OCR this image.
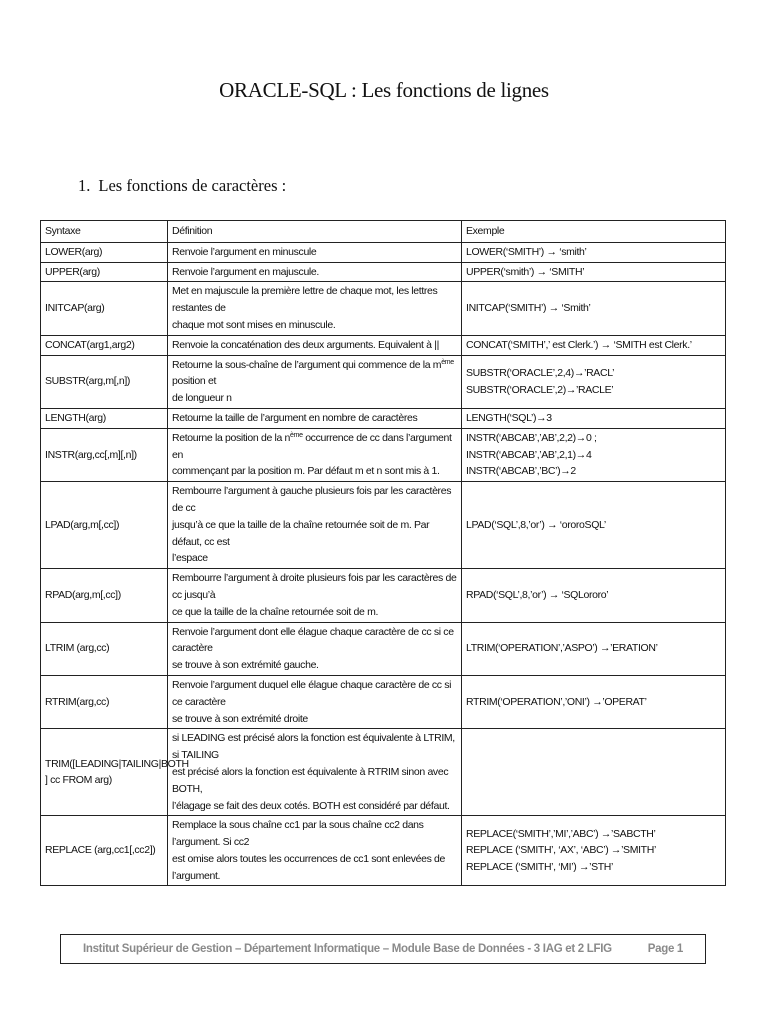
ORACLE-SQL : Les fonctions de lignes
1. Les fonctions de caractères :
Syntaxe	Définition	Exemple

LOWER(arg)	Renvoie l’argument en minuscule	LOWER(‘SMITH’) → ‘smith’

UPPER(arg)	Renvoie l’argument en majuscule.	UPPER(‘smith’) → ‘SMITH’

INITCAP(arg)	Met en majuscule la première lettre de chaque mot, les lettres restantes de
chaque mot sont mises en minuscule.	INITCAP(‘SMITH’) → ‘Smith’

CONCAT(arg1,arg2)	Renvoie la concaténation des deux arguments. Equivalent à ||	CONCAT(‘SMITH’,’ est Clerk.’) → ‘SMITH est Clerk.’

SUBSTR(arg,m[,n])	Retourne la sous-chaîne de l’argument qui commence de la $m^{ème}$ position et
de longueur n	SUBSTR(‘ORACLE’,2,4)→’RACL’
SUBSTR(‘ORACLE’,2)→’RACLE’

LENGTH(arg)	Retourne la taille de l’argument en nombre de caractères	LENGTH(‘SQL’)→3

INSTR(arg,cc[,m][,n])	Retourne la position de la $n^{ème}$ occurrence de cc dans l’argument en
commençant par la position m. Par défaut m et n sont mis à 1.	INSTR(‘ABCAB’,’AB’,2,2)→0 ; INSTR(‘ABCAB’,’AB’,2,1)→4
INSTR(‘ABCAB’,’BC’)→2

LPAD(arg,m[,cc])	Rembourre l’argument à gauche plusieurs fois par les caractères de cc
jusqu’à ce que la taille de la chaîne retournée soit de m. Par défaut, cc est
l’espace	LPAD(‘SQL’,8,’or’) → ‘ororoSQL’

RPAD(arg,m[,cc])	Rembourre l’argument à droite plusieurs fois par les caractères de cc jusqu’à
ce que la taille de la chaîne retournée soit de m.	RPAD(‘SQL’,8,’or’) → ‘SQLororo’

LTRIM (arg,cc)	Renvoie l’argument dont elle élague chaque caractère de cc si ce caractère
se trouve à son extrémité gauche.	LTRIM(‘OPERATION’,’ASPO’) →’ERATION’

RTRIM(arg,cc)	Renvoie l’argument duquel elle élague chaque caractère de cc si ce caractère
se trouve à son extrémité droite	RTRIM(‘OPERATION’,’ONI’) →’OPERAT’

TRIM([LEADING|TAILING|BOTH
] cc FROM arg)	si LEADING est précisé alors la fonction est équivalente à LTRIM, si TAILING
est précisé alors la fonction est équivalente à RTRIM sinon avec BOTH,
l’élagage se fait des deux cotés. BOTH est considéré par défaut.	

REPLACE (arg,cc1[,cc2])	Remplace la sous chaîne cc1 par la sous chaîne cc2 dans l’argument. Si cc2
est omise alors toutes les occurrences de cc1 sont enlevées de l’argument.	REPLACE(‘SMITH’,’MI’,’ABC’) →’SABCTH’
REPLACE (‘SMITH’, ‘AX’, ‘ABC’) →’SMITH’
REPLACE (‘SMITH’, ‘MI’) →’STH’
Institut Supérieur de Gestion – Département Informatique – Module Base de Données - 3 IAG et 2 LFIG	Page 1
